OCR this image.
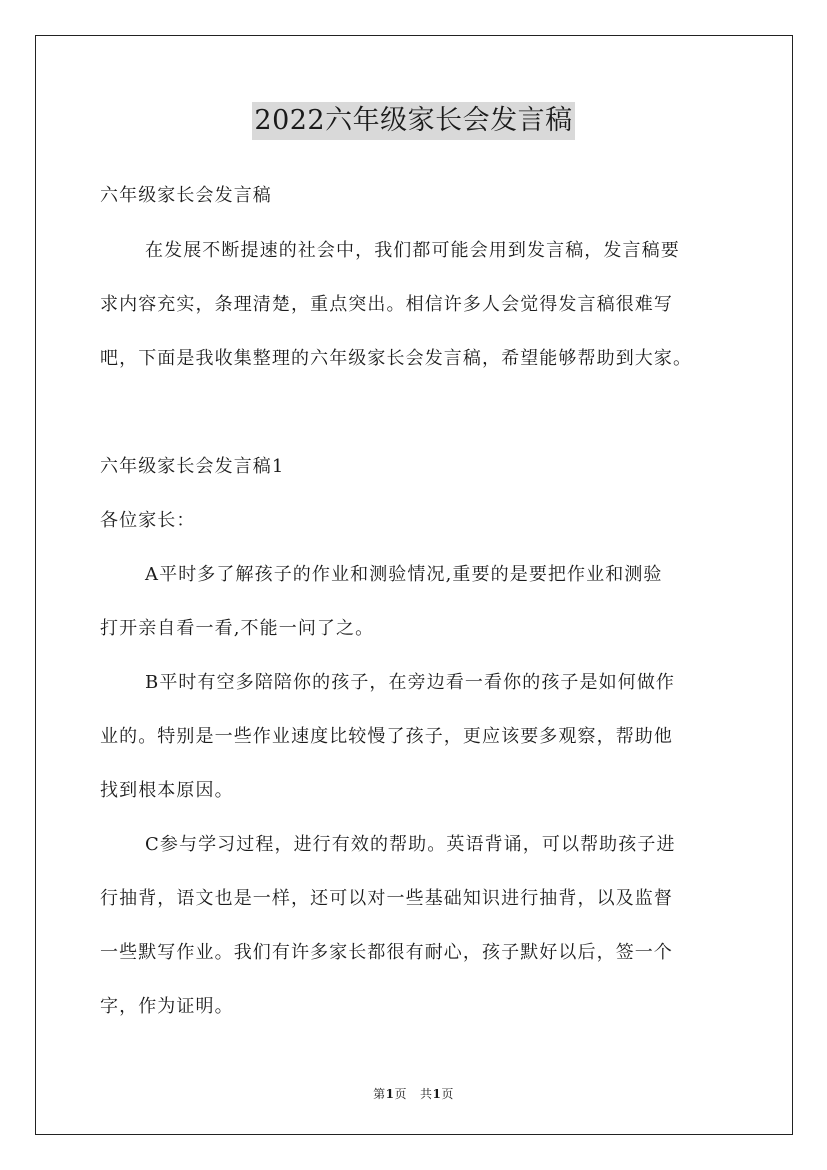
2022六年级家长会发言稿
六年级家长会发言稿
在发展不断提速的社会中，我们都可能会用到发言稿，发言稿要
求内容充实，条理清楚，重点突出。相信许多人会觉得发言稿很难写
吧，下面是我收集整理的六年级家长会发言稿，希望能够帮助到大家。
六年级家长会发言稿1
各位家长：
A平时多了解孩子的作业和测验情况,重要的是要把作业和测验
打开亲自看一看,不能一问了之。
B平时有空多陪陪你的孩子，在旁边看一看你的孩子是如何做作
业的。特别是一些作业速度比较慢了孩子，更应该要多观察，帮助他
找到根本原因。
C参与学习过程，进行有效的帮助。英语背诵，可以帮助孩子进
行抽背，语文也是一样，还可以对一些基础知识进行抽背，以及监督
一些默写作业。我们有许多家长都很有耐心，孩子默好以后，签一个
字，作为证明。
第1页 共1页
